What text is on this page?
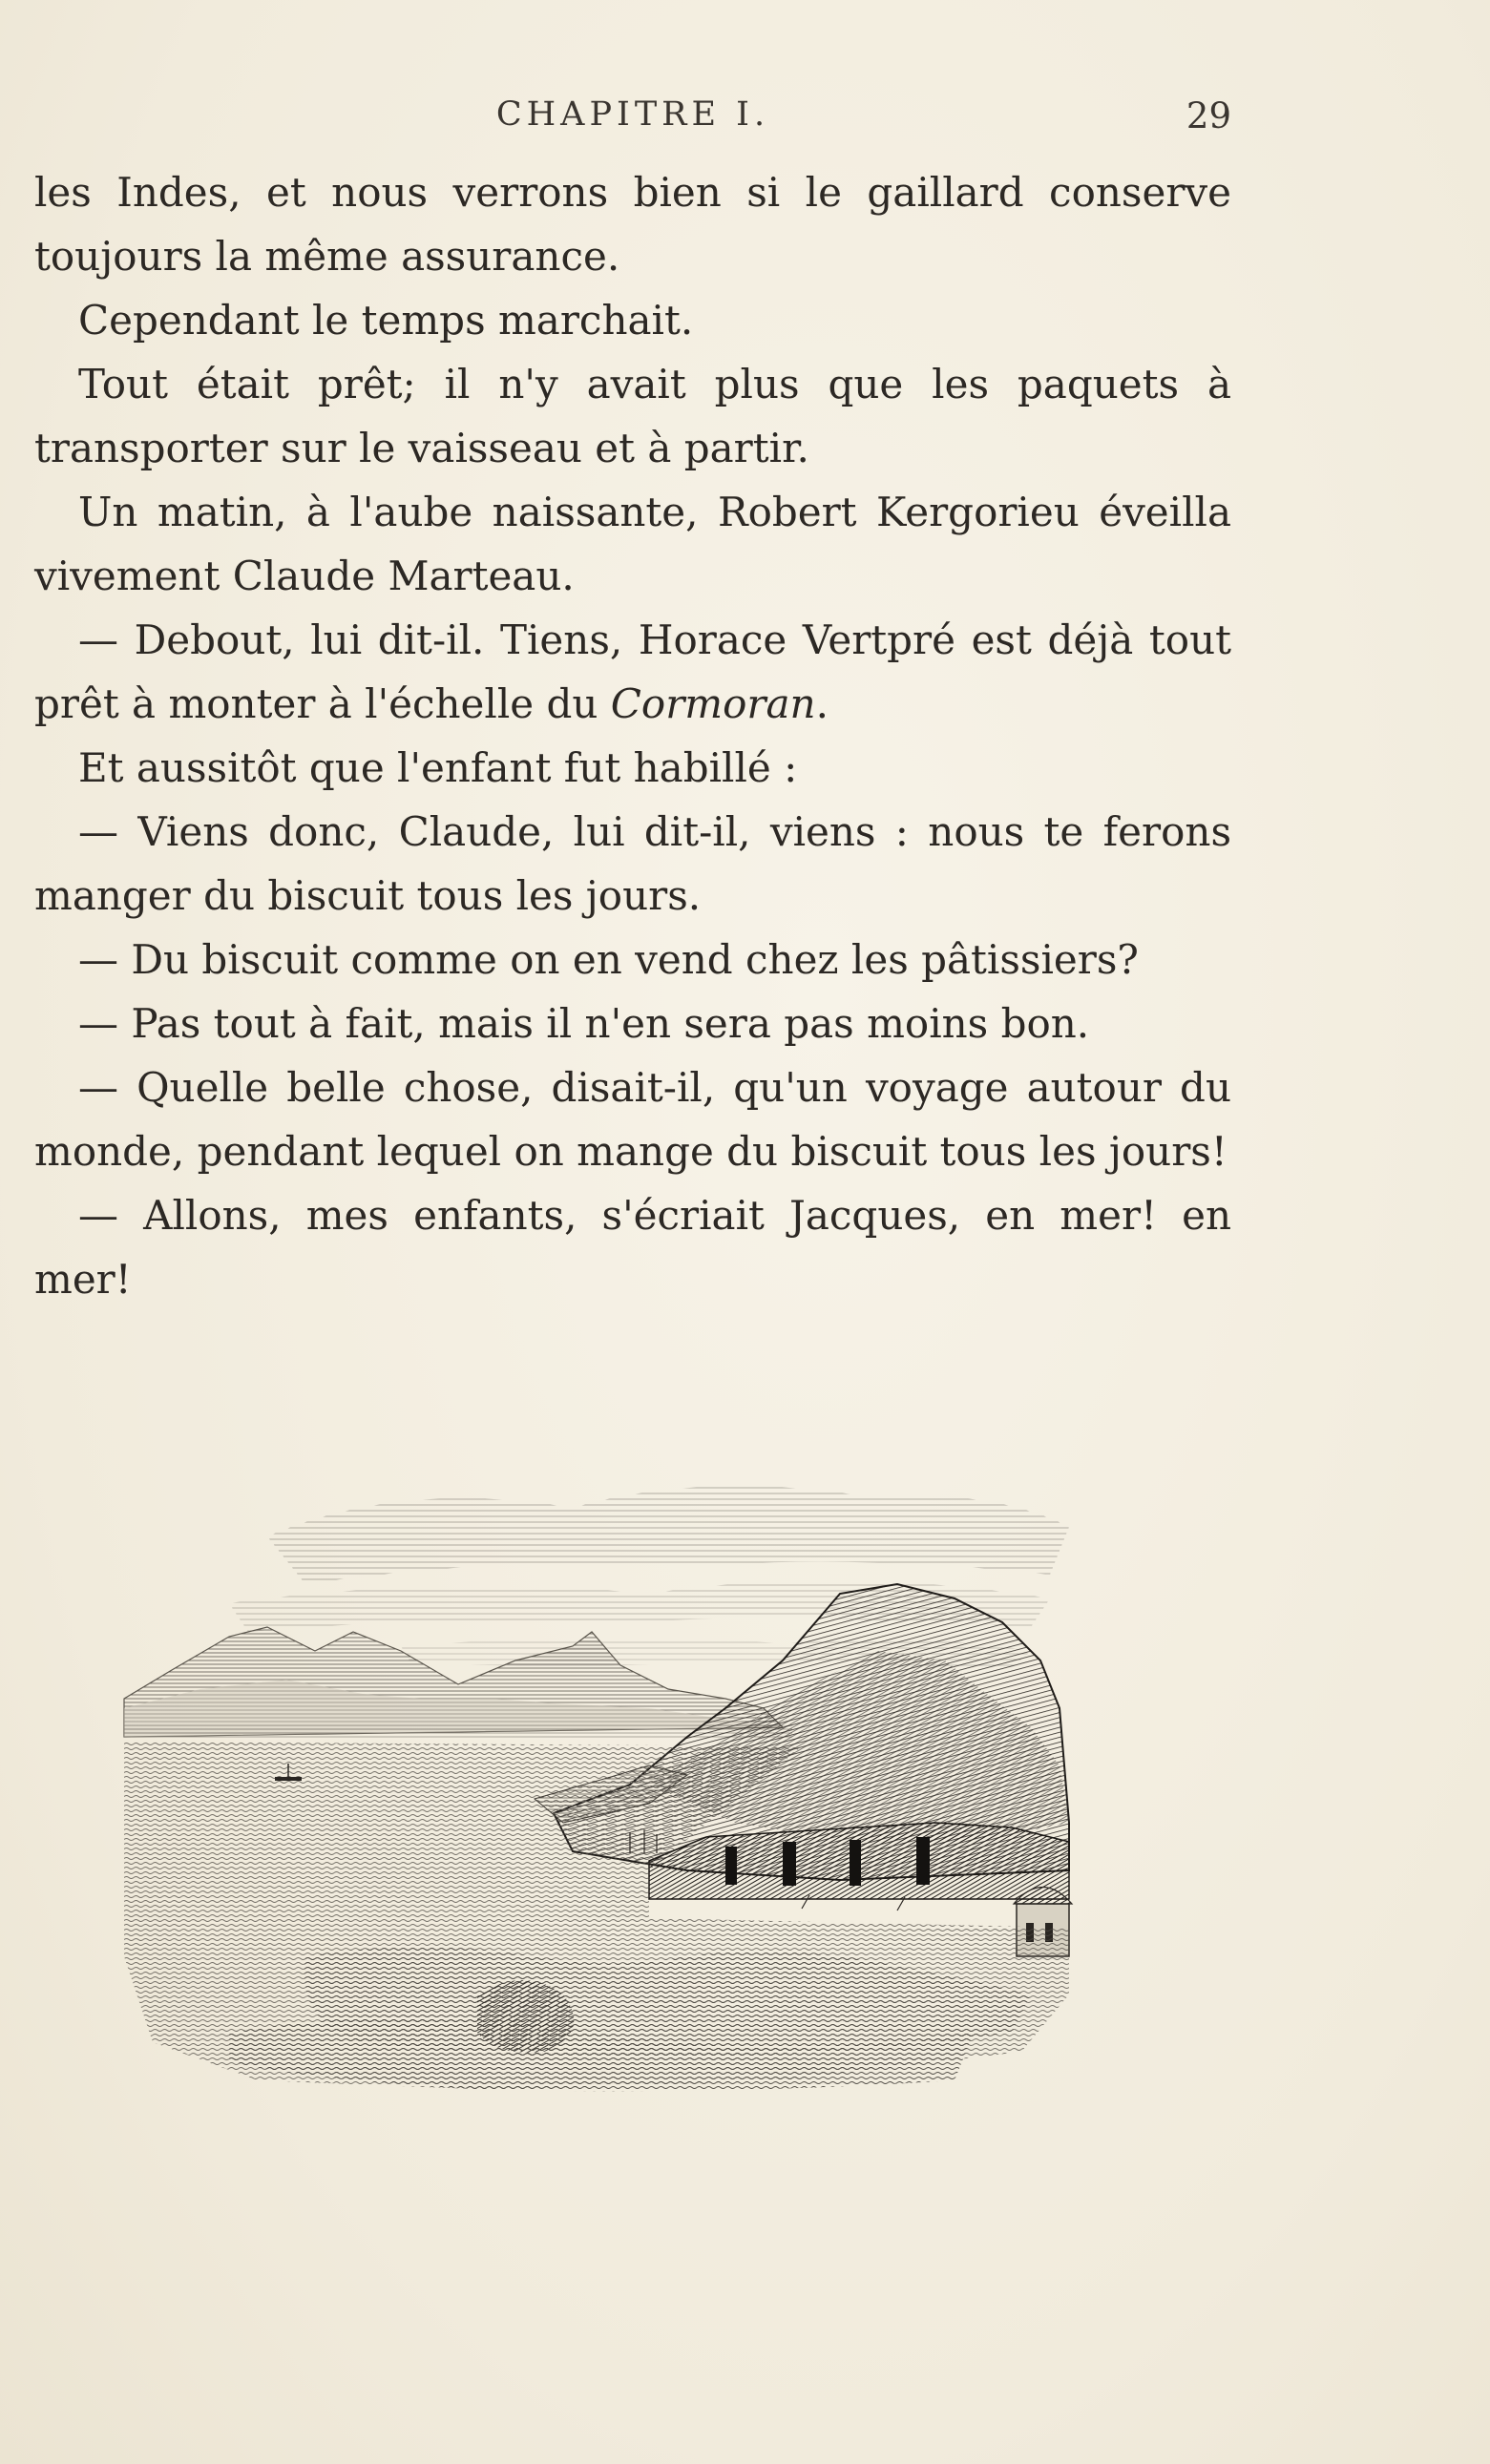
CHAPITRE I.	29

les Indes, et nous verrons bien si le gaillard conserve toujours la même assurance.

Cependant le temps marchait.

Tout était prêt; il n'y avait plus que les paquets à transporter sur le vaisseau et à partir.

Un matin, à l'aube naissante, Robert Kergorieu éveilla vivement Claude Marteau.

— Debout, lui dit-il. Tiens, Horace Vertpré est déjà tout prêt à monter à l'échelle du Cormoran.

Et aussitôt que l'enfant fut habillé :

— Viens donc, Claude, lui dit-il, viens : nous te ferons manger du biscuit tous les jours.

— Du biscuit comme on en vend chez les pâtissiers?

— Pas tout à fait, mais il n'en sera pas moins bon.

— Quelle belle chose, disait-il, qu'un voyage autour du monde, pendant lequel on mange du biscuit tous les jours!

— Allons, mes enfants, s'écriait Jacques, en mer! en mer!
